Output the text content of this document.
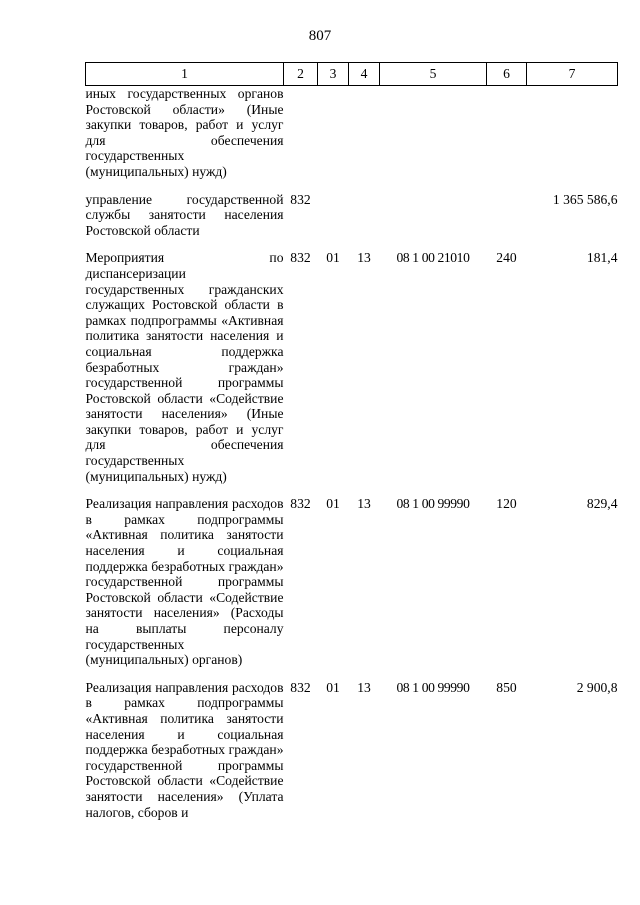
807
1	2	3	4	5	6	7
иных государственных органов Ростовской области» (Иные закупки товаров, работ и услуг для обеспечения государственных (муниципальных) нужд)						

управление государственной службы занятости населения Ростовской области	832					1 365 586,6

Мероприятия по диспансеризации государственных гражданских служащих Ростовской области в рамках подпрограммы «Активная политика занятости населения и социальная поддержка безработных граждан» государственной программы Ростовской области «Содействие занятости населения» (Иные закупки товаров, работ и услуг для обеспечения государственных (муниципальных) нужд)	832	01	13	08 1 00 21010	240	181,4

Реализация направления расходов в рамках подпрограммы «Активная политика занятости населения и социальная поддержка безработных граждан» государственной программы Ростовской области «Содействие занятости населения» (Расходы на выплаты персоналу государственных (муниципальных) органов)	832	01	13	08 1 00 99990	120	829,4

Реализация направления расходов в рамках подпрограммы «Активная политика занятости населения и социальная поддержка безработных граждан» государственной программы Ростовской области «Содействие занятости населения» (Уплата налогов, сборов и	832	01	13	08 1 00 99990	850	2 900,8
